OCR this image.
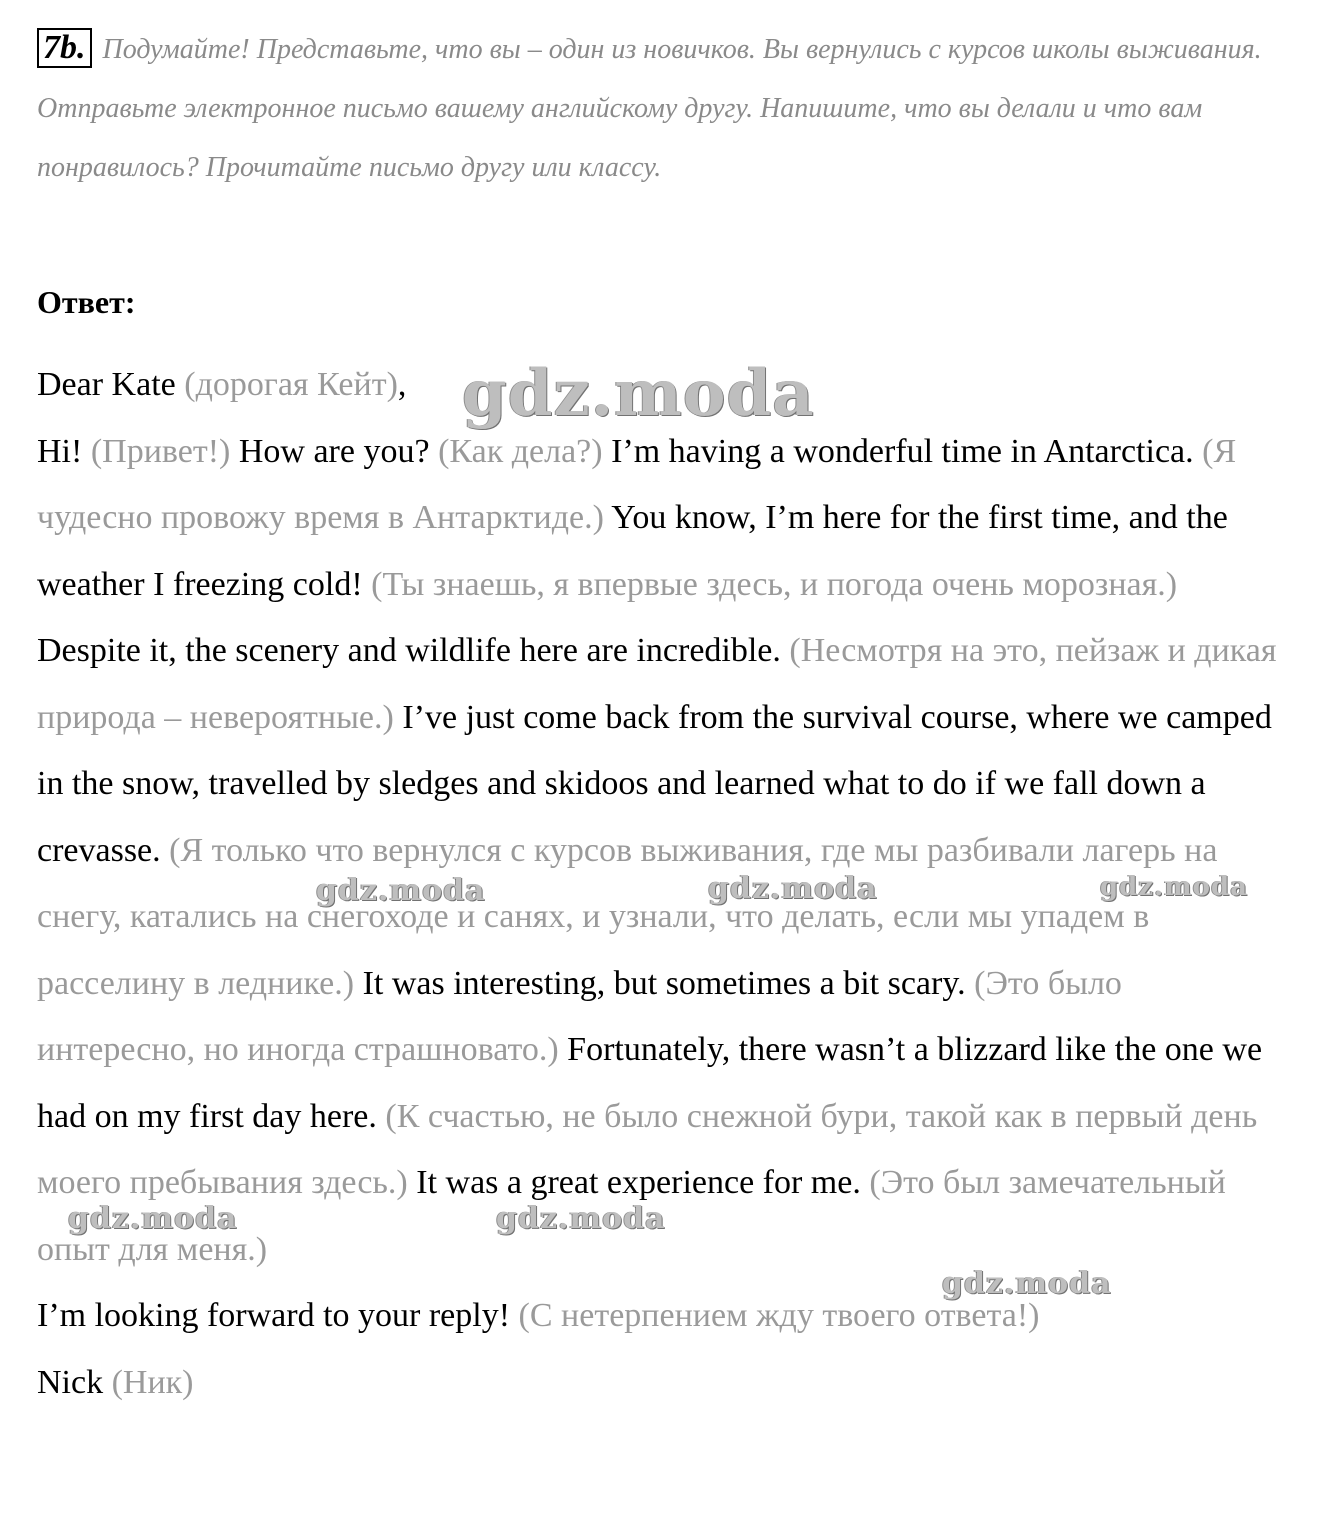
7b. Подумайте! Представьте, что вы – один из новичков. Вы вернулись с курсов школы выживания. Отправьте электронное письмо вашему английскому другу. Напишите, что вы делали и что вам понравилось? Прочитайте письмо другу или классу.
Ответ:

Dear Kate (дорогая Кейт),

Hi! (Привет!) How are you? (Как дела?) I’m having a wonderful time in Antarctica. (Я чудесно провожу время в Антарктиде.) You know, I’m here for the first time, and the weather I freezing cold! (Ты знаешь, я впервые здесь, и погода очень морозная.) Despite it, the scenery and wildlife here are incredible. (Несмотря на это, пейзаж и дикая природа – невероятные.) I’ve just come back from the survival course, where we camped in the snow, travelled by sledges and skidoos and learned what to do if we fall down a crevasse. (Я только что вернулся с курсов выживания, где мы разбивали лагерь на снегу, катались на снегоходе и санях, и узнали, что делать, если мы упадем в расселину в леднике.) It was interesting, but sometimes a bit scary. (Это было интересно, но иногда страшновато.) Fortunately, there wasn’t a blizzard like the one we had on my first day here. (К счастью, не было снежной бури, такой как в первый день моего пребывания здесь.) It was a great experience for me. (Это был замечательный опыт для меня.)

I’m looking forward to your reply! (С нетерпением жду твоего ответа!)

Nick (Ник)

gdz.moda
gdz.moda	gdz.moda	gdz.moda
gdz.moda	gdz.moda
gdz.moda
